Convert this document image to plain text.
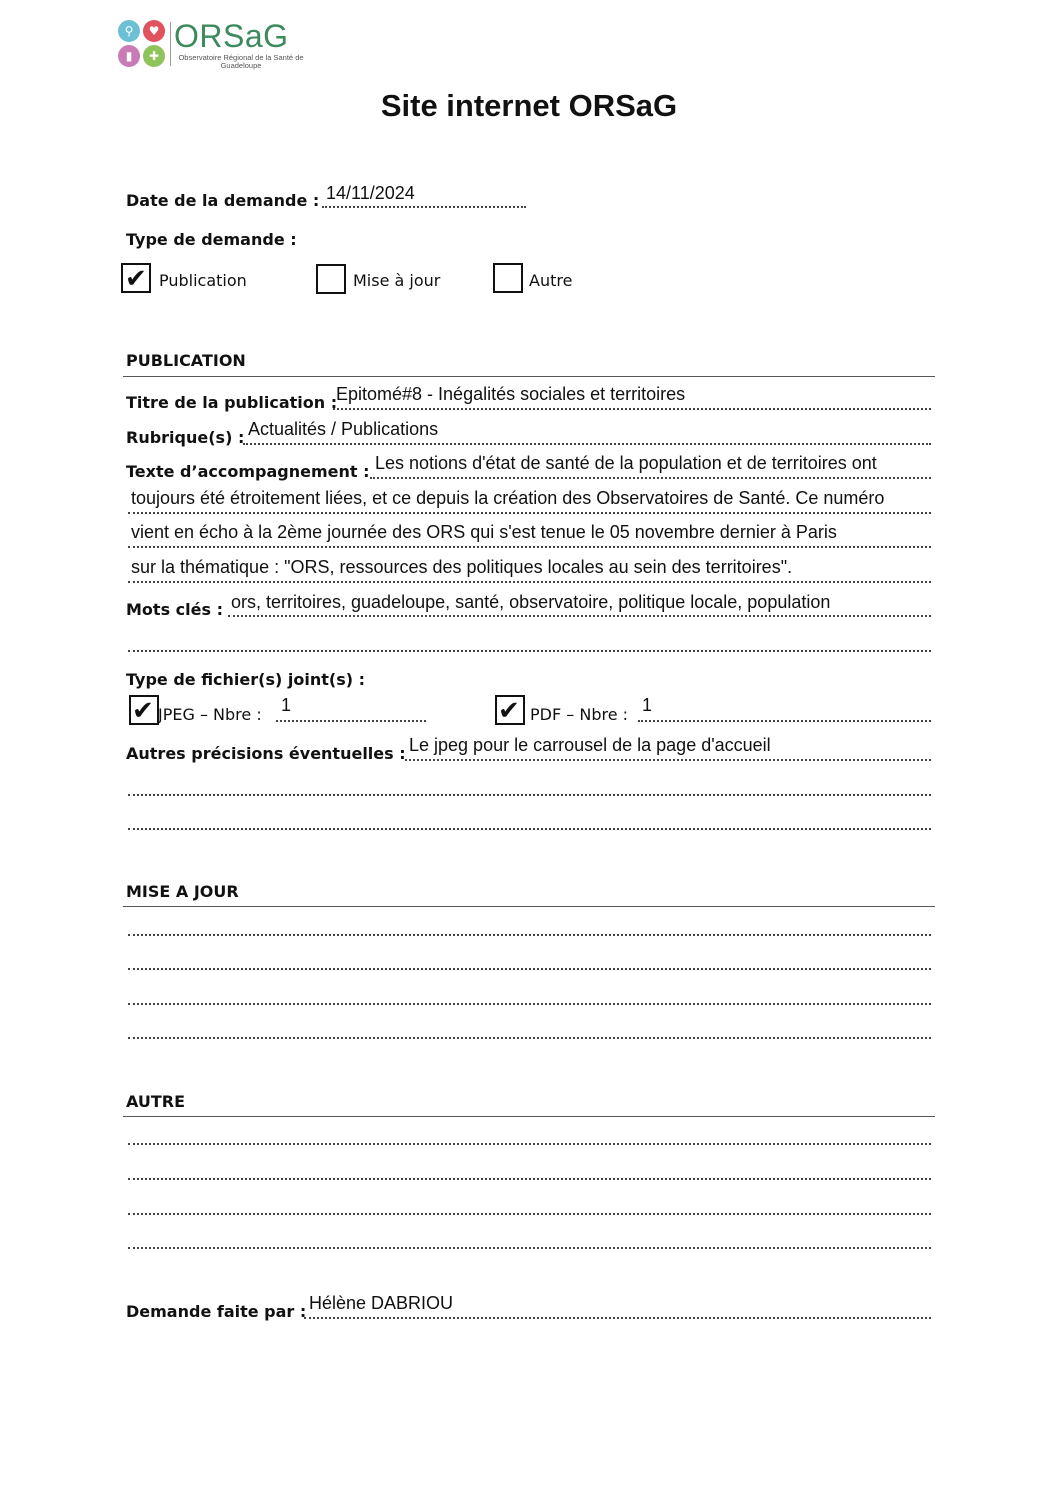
⚲	♥
▮	✚
ORSaG
Observatoire Régional de la Santé de Guadeloupe
Site internet ORSaG
Date de la demande : 14/11/2024
Type de demande :
✔ Publication	Mise à jour	Autre
PUBLICATION
Titre de la publication :
Epitomé#8 - Inégalités sociales et territoires
Rubrique(s) : Actualités / Publications
Texte d’accompagnement : Les notions d'état de santé de la population et de territoires ont
toujours été étroitement liées, et ce depuis la création des Observatoires de Santé. Ce numéro
vient en écho à la 2ème journée des ORS qui s'est tenue le 05 novembre dernier à Paris
sur la thématique : "ORS, ressources des politiques locales au sein des territoires".
Mots clés : ors, territoires, guadeloupe, santé, observatoire, politique locale, population
Type de fichier(s) joint(s) :
✔ JPEG – Nbre : 1	✔ PDF – Nbre : 1
Autres précisions éventuelles : Le jpeg pour le carrousel de la page d'accueil
MISE A JOUR
AUTRE
Demande faite par : Hélène DABRIOU
